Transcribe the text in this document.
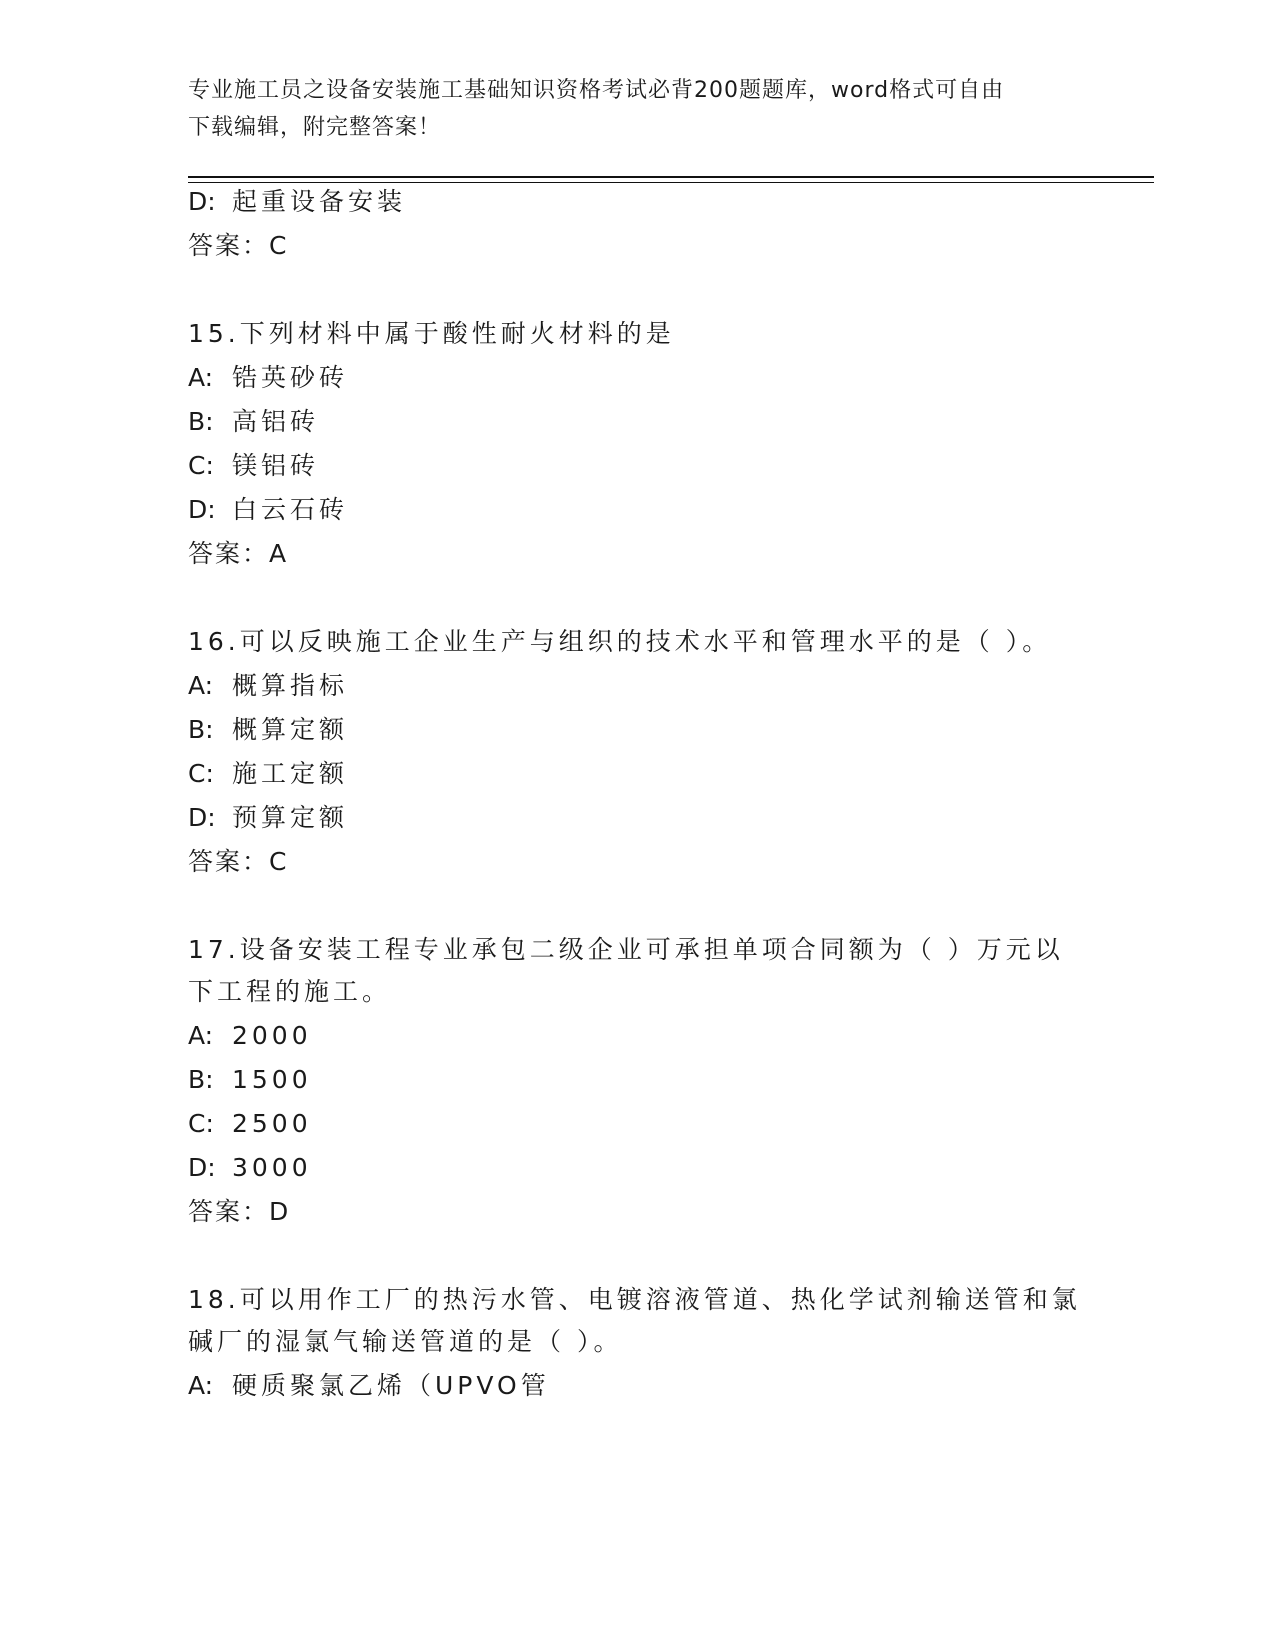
专业施工员之设备安装施工基础知识资格考试必背200题题库，word格式可自由
下载编辑，附完整答案！
D: 起重设备安装
答案：C
15.下列材料中属于酸性耐火材料的是
A: 锆英砂砖
B: 高铝砖
C: 镁铝砖
D: 白云石砖
答案：A
16.可以反映施工企业生产与组织的技术水平和管理水平的是（ ）。
A: 概算指标
B: 概算定额
C: 施工定额
D: 预算定额
答案：C
17.设备安装工程专业承包二级企业可承担单项合同额为（ ）万元以
下工程的施工。
A: 2000
B: 1500
C: 2500
D: 3000
答案：D
18.可以用作工厂的热污水管、电镀溶液管道、热化学试剂输送管和氯
碱厂的湿氯气输送管道的是（ ）。
A: 硬质聚氯乙烯（UPVO管
